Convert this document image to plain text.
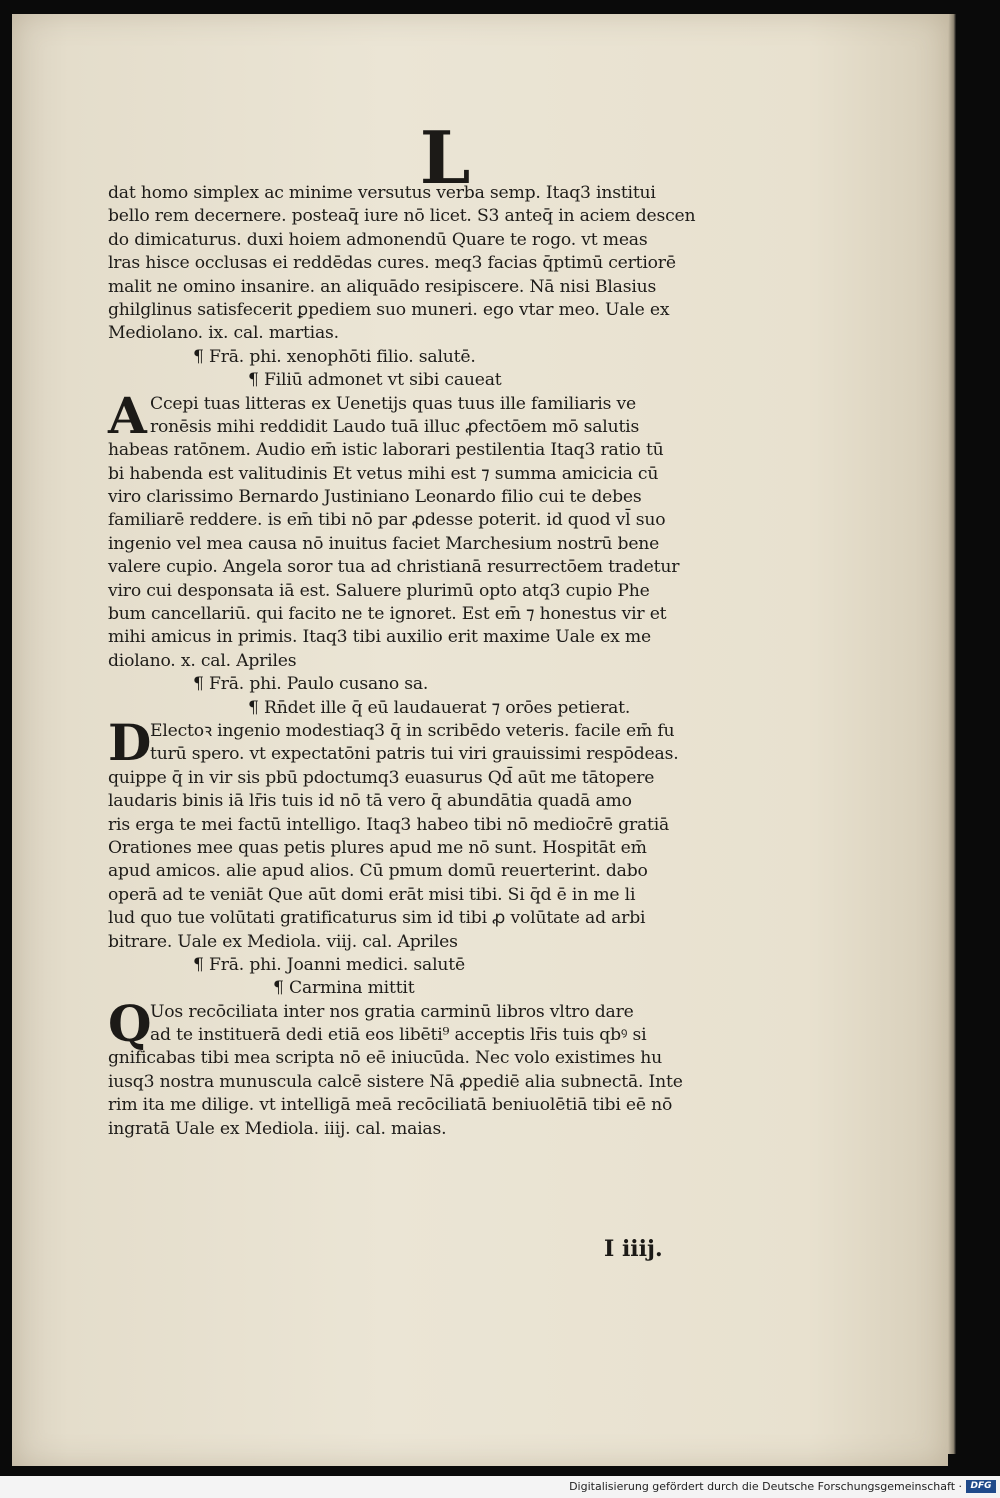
L
dat homo simplex ac minime versutus verba semp. Itaq3 institui
bello rem decernere. posteaq̄ iure nō licet. S3 anteq̄ in aciem descen
do dimicaturus. duxi hoiem admonendū Quare te rogo. vt meas
lras hisce occlusas ei reddēdas cures. meq3 facias q̄ptimū certiorē
malit ne omino insanire. an aliquādo resipiscere. Nā nisi Blasius
ghilglinus satisfecerit ꝑpediem suo muneri. ego vtar meo. Uale ex
Mediolano. ix. cal. martias.
¶ Frā. phi. xenophōti filio. salutē.
¶ Filiū admonet vt sibi caueat
A Ccepi tuas litteras ex Uenetijs quas tuus ille familiaris ve
ronēsis mihi reddidit Laudo tuā illuc ꝓfectōem mō salutis
habeas ratōnem. Audio em̄ istic laborari pestilentia Itaq3 ratio tū
bi habenda est valitudinis Et vetus mihi est ⁊ summa amicicia cū
viro clarissimo Bernardo Justiniano Leonardo filio cui te debes
familiarē reddere. is em̄ tibi nō par ꝓdesse poterit. id quod vl̄ suo
ingenio vel mea causa nō inuitus faciet Marchesium nostrū bene
valere cupio. Angela soror tua ad christianā resurrectōem tradetur
viro cui desponsata iā est. Saluere plurimū opto atq3 cupio Phe
bum cancellariū. qui facito ne te ignoret. Est em̄ ⁊ honestus vir et
mihi amicus in primis. Itaq3 tibi auxilio erit maxime Uale ex me
diolano. x. cal. Apriles
¶ Frā. phi. Paulo cusano sa.
¶ Rn̄det ille q̄ eū laudauerat ⁊ orōes petierat.
D
Electoꝛ ingenio modestiaq3 q̄ in scribēdo veteris. facile em̄ fu
turū spero. vt expectatōni patris tui viri grauissimi respōdeas.
quippe q̄ in vir sis pbū pdoctumq3 euasurus Qd̄ aūt me tātopere
laudaris binis iā lr̄is tuis id nō tā vero q̄ abundātia quadā amo
ris erga te mei factū intelligo. Itaq3 habeo tibi nō medioc̄rē gratiā
Orationes mee quas petis plures apud me nō sunt. Hospitāt em̄
apud amicos. alie apud alios. Cū pmum domū reuerterint. dabo
operā ad te veniāt Que aūt domi erāt misi tibi. Si q̄d ē in me li
lud quo tue volūtati gratificaturus sim id tibi ꝓ volūtate ad arbi
bitrare. Uale ex Mediola. viij. cal. Apriles
¶ Frā. phi. Joanni medici. salutē
¶ Carmina mittit
Q
Uos recōciliata inter nos gratia carminū libros vltro dare
ad te instituerā dedi etiā eos libēti⁹ acceptis lr̄is tuis qbꝰ si
gnificabas tibi mea scripta nō eē iniucūda. Nec volo existimes hu
iusq3 nostra munuscula calcē sistere Nā ꝓpediē alia subnectā. Inte
rim ita me dilige. vt intelligā meā recōciliatā beniuolētiā tibi eē nō
ingratā Uale ex Mediola. iiij. cal. maias.
I iiij.
Digitalisierung gefördert durch die Deutsche Forschungsgemeinschaft · DFG
